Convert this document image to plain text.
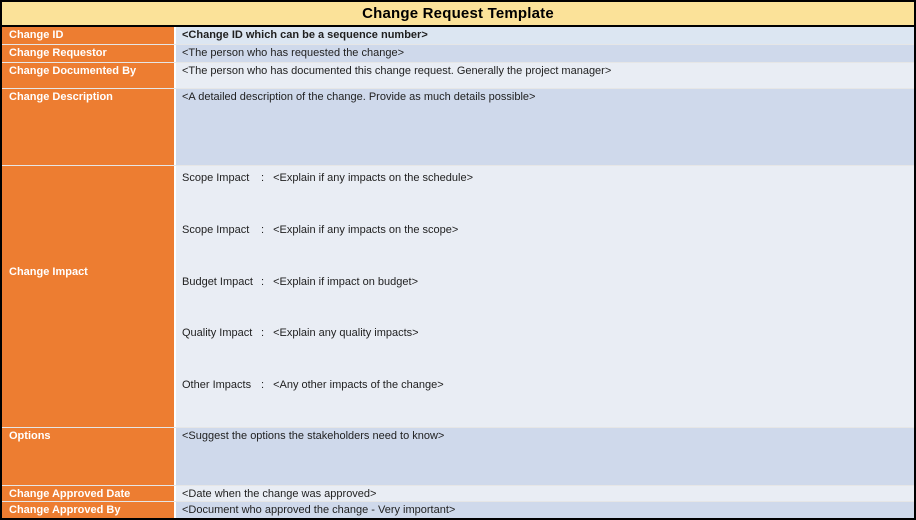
Change Request Template
Change ID	<Change ID which can be a sequence number>
Change Requestor	<The person who has requested the change>
Change Documented By	<The person who has documented this change request. Generally the project manager>
Change Description	<A detailed description of the change. Provide as much details possible>
Change Impact
Scope Impact : <Explain if any impacts on the schedule>
Scope Impact : <Explain if any impacts on the scope>
Budget Impact : <Explain if impact on budget>
Quality Impact : <Explain any quality impacts>
Other Impacts : <Any other impacts of the change>
Options	<Suggest the options the stakeholders need to know>
Change Approved Date	<Date when the change was approved>
Change Approved By	<Document who approved the change - Very important>
